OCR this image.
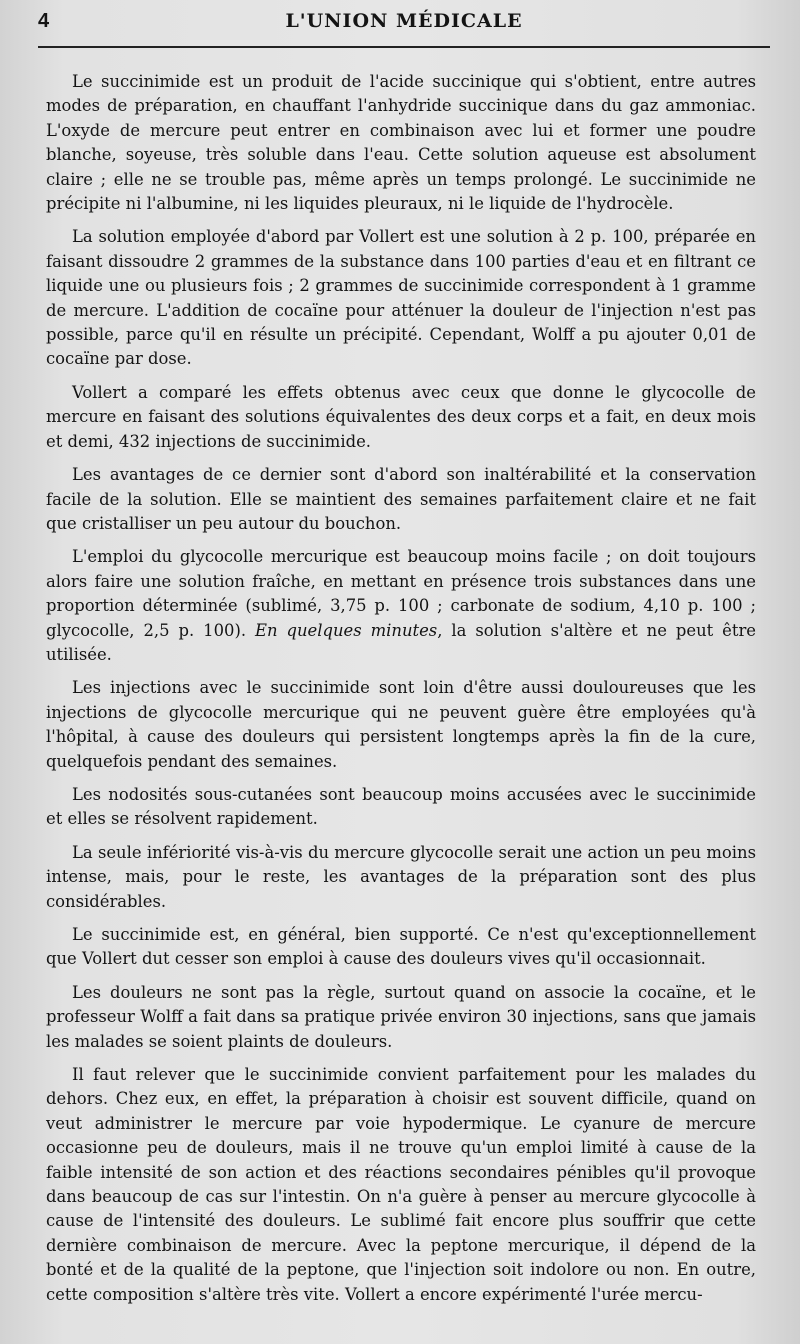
4	L'UNION MÉDICALE

Le succinimide est un produit de l'acide succinique qui s'obtient, entre autres modes de préparation, en chauffant l'anhydride succinique dans du gaz ammoniac. L'oxyde de mercure peut entrer en combinaison avec lui et former une poudre blanche, soyeuse, très soluble dans l'eau. Cette solution aqueuse est absolument claire ; elle ne se trouble pas, même après un temps prolongé. Le succinimide ne précipite ni l'albumine, ni les liquides pleuraux, ni le liquide de l'hydrocèle.

La solution employée d'abord par Vollert est une solution à 2 p. 100, préparée en faisant dissoudre 2 grammes de la substance dans 100 parties d'eau et en filtrant ce liquide une ou plusieurs fois ; 2 grammes de succinimide correspondent à 1 gramme de mercure. L'addition de cocaïne pour atténuer la douleur de l'injection n'est pas possible, parce qu'il en résulte un précipité. Cependant, Wolff a pu ajouter 0,01 de cocaïne par dose.

Vollert a comparé les effets obtenus avec ceux que donne le glycocolle de mercure en faisant des solutions équivalentes des deux corps et a fait, en deux mois et demi, 432 injections de succinimide.

Les avantages de ce dernier sont d'abord son inaltérabilité et la conservation facile de la solution. Elle se maintient des semaines parfaitement claire et ne fait que cristalliser un peu autour du bouchon.

L'emploi du glycocolle mercurique est beaucoup moins facile ; on doit toujours alors faire une solution fraîche, en mettant en présence trois substances dans une proportion déterminée (sublimé, 3,75 p. 100 ; carbonate de sodium, 4,10 p. 100 ; glycocolle, 2,5 p. 100). En quelques minutes, la solution s'altère et ne peut être utilisée.

Les injections avec le succinimide sont loin d'être aussi douloureuses que les injections de glycocolle mercurique qui ne peuvent guère être employées qu'à l'hôpital, à cause des douleurs qui persistent longtemps après la fin de la cure, quelquefois pendant des semaines.

Les nodosités sous-cutanées sont beaucoup moins accusées avec le succinimide et elles se résolvent rapidement.

La seule infériorité vis-à-vis du mercure glycocolle serait une action un peu moins intense, mais, pour le reste, les avantages de la préparation sont des plus considérables.

Le succinimide est, en général, bien supporté. Ce n'est qu'exceptionnellement que Vollert dut cesser son emploi à cause des douleurs vives qu'il occasionnait.

Les douleurs ne sont pas la règle, surtout quand on associe la cocaïne, et le professeur Wolff a fait dans sa pratique privée environ 30 injections, sans que jamais les malades se soient plaints de douleurs.

Il faut relever que le succinimide convient parfaitement pour les malades du dehors. Chez eux, en effet, la préparation à choisir est souvent difficile, quand on veut administrer le mercure par voie hypodermique. Le cyanure de mercure occasionne peu de douleurs, mais il ne trouve qu'un emploi limité à cause de la faible intensité de son action et des réactions secondaires pénibles qu'il provoque dans beaucoup de cas sur l'intestin. On n'a guère à penser au mercure glycocolle à cause de l'intensité des douleurs. Le sublimé fait encore plus souffrir que cette dernière combinaison de mercure. Avec la peptone mercurique, il dépend de la bonté et de la qualité de la peptone, que l'injection soit indolore ou non. En outre, cette composition s'altère très vite. Vollert a encore expérimenté l'urée mercu-
